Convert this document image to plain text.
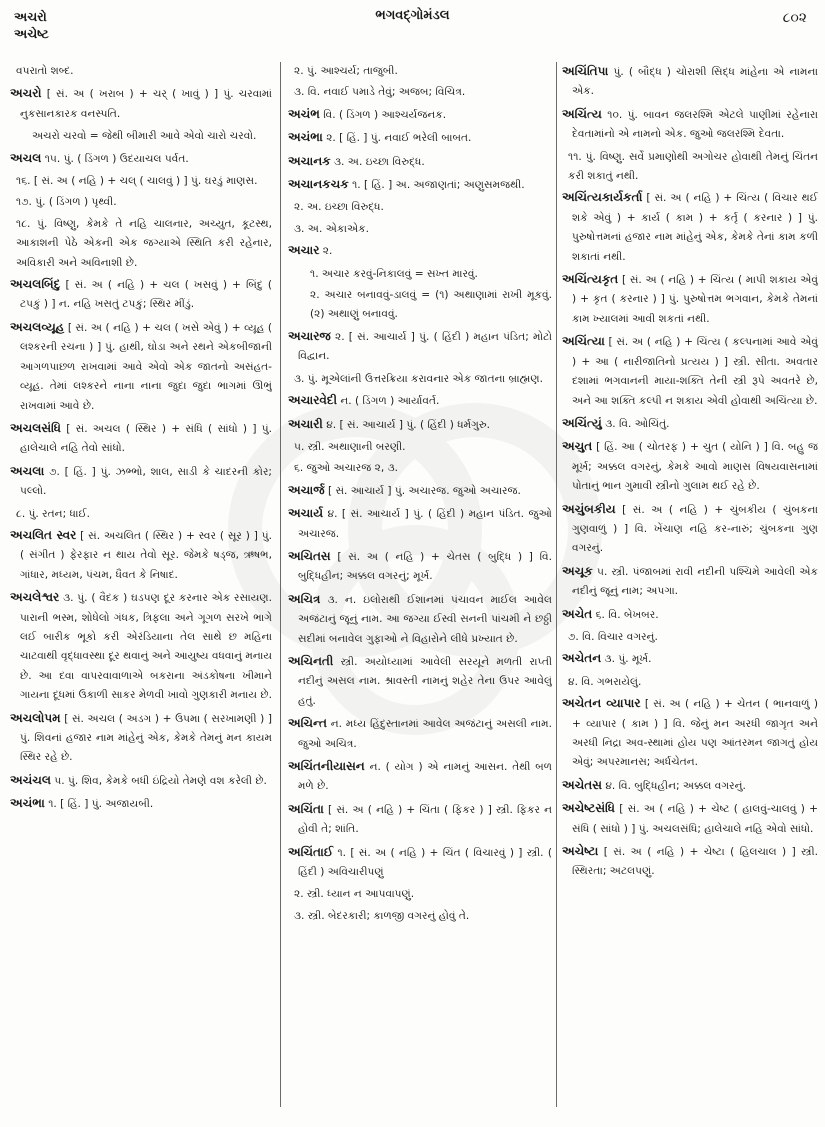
અચરો
અચેષ્ટ
ભગવદ્ગોમંડલ	૮૦૨
વપરાતો શબ્દ.
અચરો [ સં. અ ( ખરાબ ) + ચર્ ( ખાવું ) ] પું. ચરવામાં નુકસાનકારક વનસ્પતિ.
અચરો ચરવો = જેથી બીમારી આવે એવો ચારો ચરવો.
અચલ ૧૫. પું. ( ડિંગળ ) ઉદયાચલ પર્વત.
૧૬. [ સં. અ ( નહિ ) + ચલ્ ( ચાલવું ) ] પું. ઘરડું માણસ.
૧૭. પું. ( ડિંગળ ) પૃથ્વી.
૧૮. પું. વિષ્ણુ, કેમકે તે નહિ ચાલનાર, અચ્યુત, કૂટસ્થ, આકાશની પેઠે એકની એક જગ્યાએ સ્થિતિ કરી રહેનાર, અવિકારી અને અવિનાશી છે.
અચલબિંદુ [ સં. અ ( નહિ ) + ચલ ( ખસવું ) + બિંદુ ( ટપકું ) ] ન. નહિ ખસતું ટપકું; સ્થિર મીંડું.
અચલવ્યૂહ [ સં. અ ( નહિ ) + ચલ ( ખસે એવું ) + વ્યૂહ ( લશ્કરની રચના ) ] પું. હાથી, ઘોડા અને રથને એકબીજાની આગળપાછળ રાખવામાં આવે એવો એક જાતનો અસંહત-વ્યૂહ. તેમાં લશ્કરને નાના નાના જુદા જુદા ભાગમાં ઊભું રાખવામાં આવે છે.
અચલસંધિ [ સં. અચલ ( સ્થિર ) + સંધિ ( સાંધો ) ] પું. હાલેચાલે નહિ તેવો સાંધો.
અચલા ૭. [ હિં. ] પું. ઝભ્ભો, શાલ, સાડી કે ચાદરની કોર; પલ્લો.
૮. પું. રતન; ધાઈ.
અચલિત સ્વર [ સં. અચલિત ( સ્થિર ) + સ્વર ( સૂર ) ] પું. ( સંગીત ) ફેરફાર ન થાય તેવો સૂર. જેમકે ષડ્જ, ઋષભ, ગાંધાર, મધ્યમ, પંચમ, ધૈવત કે નિષાદ.
અચલેશ્વર ૩. પું. ( વૈદક ) ઘડપણ દૂર કરનાર એક રસાયણ. પારાની ભસ્મ, શોધેલો ગંધક, ત્રિફલા અને ગૂગળ સરખે ભાગે લઈ બારીક ભૂકો કરી એરંડિયાના તેલ સાથે છ મહિના ચાટવાથી વૃદ્ધાવસ્થા દૂર થવાનું અને આયુષ્ય વધવાનું મનાય છે. આ દવા વાપરવાવાળાએ બકરાના અંડકોષના ખીમાને ગાયના દૂધમાં ઉકાળી સાકર મેળવી ખાવો ગુણકારી મનાય છે.
અચલોપમ [ સં. અચલ ( અડગ ) + ઉપમા ( સરખામણી ) ] પું. શિવનાં હજાર નામ માંહેનું એક, કેમકે તેમનું મન કાયમ સ્થિર રહે છે.
અચંચલ ૫. પું. શિવ, કેમકે બધી ઇંદ્રિયો તેમણે વશ કરેલી છે.
અચંભા ૧. [ હિં. ] પું. અજાયબી.
૨. પું. આશ્ચર્ય; તાજુબી.
૩. વિ. નવાઈ પમાડે તેવું; અજબ; વિચિત્ર.
અચંભ વિ. ( ડિંગળ ) આશ્ચર્યજનક.
અચંભા ૨. [ હિં. ] પું. નવાઈ ભરેલી બાબત.
અચાનક ૩. અ. ઇચ્છા વિરુદ્ધ.
અચાનકચક ૧. [ હિં. ] અ. અજાણતાં; અણુસમજથી.
૨. અ. ઇચ્છા વિરુદ્ધ.
૩. અ. એકાએક.
અચાર ૨.
૧. અચાર કરવું-નિકાલવું = સખ્ત મારવું.
૨. અચાર બનાવવું-ડાલવું = (૧) અથાણામાં રાખી મૂકવું. (૨) અથાણું બનાવવું.
અચારજ ૨. [ સં. આચાર્ય ] પું. ( હિંદી ) મહાન પંડિત; મોટો વિદ્વાન.
૩. પું. મૂએલાંની ઉત્તરક્રિયા કરાવનાર એક જાતના બ્રાહ્મણ.
અચારવેદી ન. ( ડિંગળ ) આર્યાવર્ત.
અચારી ૪. [ સં. આચાર્ય ] પું. ( હિંદી ) ધર્મગુરુ.
૫. સ્ત્રી. અથાણાની બરણી.
૬. જુઓ અચારજ ૨, ૩.
અચાર્જ [ સં. આચાર્ય ] પું. અચારજ. જુઓ અચારજ.
અચાર્ય ૪. [ સં. આચાર્ય ] પું. ( હિંદી ) મહાન પંડિત. જુઓ અચારજ.
અચિતસ [ સં. અ ( નહિ ) + ચેતસ ( બુદ્ધિ ) ] વિ. બુદ્ધિહીન; અક્કલ વગરનું; મૂર્ખ.
અચિત્ર ૩. ન. ઇલોરાથી ઈશાનમાં પંચાવન માઈલ આવેલ અજંટાનું જૂનું નામ. આ જગ્યા ઈસ્વી સનની પાંચમી ને છઠ્ઠી સદીમાં બનાવેલ ગુફાઓ ને વિહારોને લીધે પ્રખ્યાત છે.
અચિનતી સ્ત્રી. અયોધ્યામાં આવેલી સરયૂને મળતી રાપ્તી નદીનું અસલ નામ. શ્રાવસ્તી નામનું શહેર તેના ઉપર આવેલું હતું.
અચિન્ત ન. મધ્ય હિંદુસ્તાનમાં આવેલ અજંટાનું અસલી નામ. જુઓ અચિત્ર.
અચિંતનીયાસન ન. ( યોગ ) એ નામનું આસન. તેથી બળ મળે છે.
અચિંતા [ સં. અ ( નહિ ) + ચિંતા ( ફિકર ) ] સ્ત્રી. ફિકર ન હોવી તે; શાંતિ.
અચિંતાઈ ૧. [ સં. અ ( નહિ ) + ચિંત ( વિચારવું ) ] સ્ત્રી. ( હિંદી ) અવિચારીપણું
૨. સ્ત્રી. ધ્યાન ન આપવાપણું.
૩. સ્ત્રી. બેદરકારી; કાળજી વગરનું હોવું તે.
અચિંતિપા પું. ( બૌદ્ધ ) ચોરાશી સિદ્ધ માંહેના એ નામના એક.
અચિંત્ય ૧૦. પું. બાવન જલરશ્મિ એટલે પાણીમાં રહેનારા દેવતામાંનો એ નામનો એક. જુઓ જલરશ્મિ દેવતા.
૧૧. પું. વિષ્ણુ. સર્વે પ્રમાણોથી અગોચર હોવાથી તેમનું ચિંતન કરી શકાતું નથી.
અચિંત્યકાર્યકર્તા [ સં. અ ( નહિ ) + ચિંત્ય ( વિચાર થઈ શકે એવું ) + કાર્ય ( કામ ) + કર્તૃ ( કરનાર ) ] પું. પુરુષોત્તમનાં હજાર નામ માંહેનું એક, કેમકે તેનાં કામ કળી શકાતાં નથી.
અચિંત્યકૃત [ સં. અ ( નહિ ) + ચિંત્ય ( માપી શકાય એવું ) + કૃત ( કરનાર ) ] પું. પુરુષોત્તમ ભગવાન, કેમકે તેમનાં કામ ખ્યાલમાં આવી શકતાં નથી.
અચિંત્યા [ સં. અ ( નહિ ) + ચિંત્ય ( કલ્પનામાં આવે એવું ) + આ ( નારીજાતિનો પ્રત્યય ) ] સ્ત્રી. સીતા. અવતાર દશામાં ભગવાનની માયા-શક્તિ તેની સ્ત્રી રૂપે અવતરે છે, અને આ શક્તિ કલ્પી ન શકાય એવી હોવાથી અચિંત્યા છે.
અચિંત્યું ૩. વિ. ઓચિંતું.
અચુત [ હિં. આ ( ચોતરફ ) + ચુત ( યોનિ ) ] વિ. બહુ જ મૂર્ખ; અક્કલ વગરનું, કેમકે આવો માણસ વિષયવાસનામાં પોતાનું ભાન ગુમાવી સ્ત્રીનો ગુલામ થઈ રહે છે.
અચુંબકીય [ સં. અ ( નહિ ) + ચુંબકીય ( ચુંબકના ગુણવાળું ) ] વિ. ખેંચાણ નહિ કર-નારું; ચુંબકના ગુણ વગરનું.
અચૂક ૫. સ્ત્રી. પંજાબમાં રાવી નદીની પશ્ચિમે આવેલી એક નદીનું જૂનું નામ; અપગા.
અચેત ૬. વિ. બેખબર.
૭. વિ. વિચાર વગરનું.
અચેતન ૩. પું. મૂર્ખ.
૪. વિ. ગભરાયેલું.
અચેતન વ્યાપાર [ સં. અ ( નહિ ) + ચેતન ( ભાનવાળું ) + વ્યાપાર ( કામ ) ] વિ. જેનું મન અરધી જાગૃત અને અરધી નિદ્રા અવ-સ્થામાં હોય પણ આંતરમન જાગતું હોય એવું; અપરમાનસ; અર્ધચેતન.
અચેતસ ૪. વિ. બુદ્ધિહીન; અક્કલ વગરનું.
અચેષ્ટસંધિ [ સં. અ ( નહિ ) + ચેષ્ટ ( હાલવું-ચાલવું ) + સંધિ ( સાંધો ) ] પું. અચલસંધિ; હાલેચાલે નહિ એવો સાંધો.
અચેષ્ટા [ સં. અ ( નહિ ) + ચેષ્ટા ( હિલચાલ ) ] સ્ત્રી. સ્થિરતા; અટલપણું.
